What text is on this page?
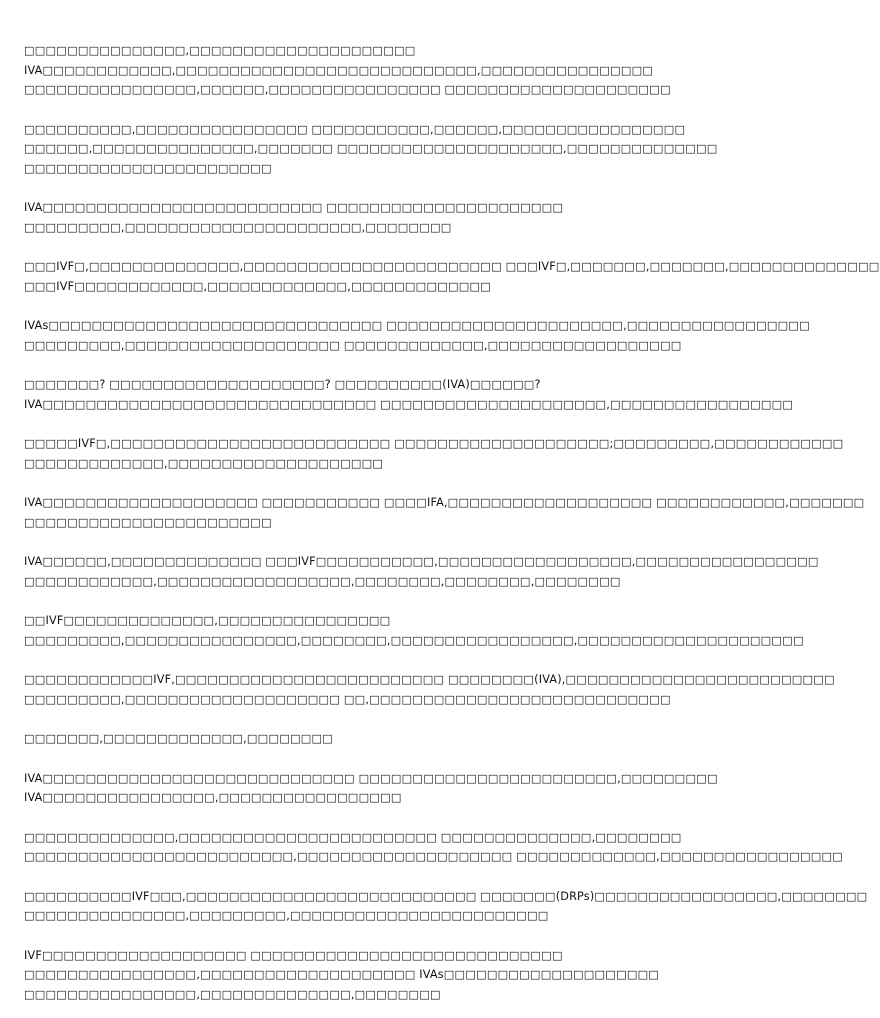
□□□□□□□□□□□□□□□,□□□□□□□□□□□□□□□□□□□□□
IVA□□□□□□□□□□□□,□□□□□□□□□□□□□□□□□□□□□□□□□□□□,□□□□□□□□□□□□□□□□
□□□□□□□□□□□□□□□□,□□□□□□,□□□□□□□□□□□□□□□□ □□□□□□□□□□□□□□□□□□□□□
□□□□□□□□□□,□□□□□□□□□□□□□□□□ □□□□□□□□□□□,□□□□□□,□□□□□□□□□□□□□□□□□
□□□□□□,□□□□□□□□□□□□□□□,□□□□□□□ □□□□□□□□□□□□□□□□□□□□□,□□□□□□□□□□□□□□
□□□□□□□□□□□□□□□□□□□□□□□
IVA□□□□□□□□□□□□□□□□□□□□□□□□□□ □□□□□□□□□□□□□□□□□□□□□□
□□□□□□□□□,□□□□□□□□□□□□□□□□□□□□□□,□□□□□□□□
□□□IVF□,□□□□□□□□□□□□□□,□□□□□□□□□□□□□□□□□□□□□□□□ □□□IVF□,□□□□□□□,□□□□□□□,□□□□□□□□□□□□□□
□□□IVF□□□□□□□□□□□□,□□□□□□□□□□□□□,□□□□□□□□□□□□□
IVAs□□□□□□□□□□□□□□□□□□□□□□□□□□□□□□□ □□□□□□□□□□□□□□□□□□□□□□,□□□□□□□□□□□□□□□□□
□□□□□□□□□,□□□□□□□□□□□□□□□□□□□□ □□□□□□□□□□□□□,□□□□□□□□□□□□□□□□□□
□□□□□□□? □□□□□□□□□□□□□□□□□□□□? □□□□□□□□□□(IVA)□□□□□□?
IVA□□□□□□□□□□□□□□□□□□□□□□□□□□□□□□□ □□□□□□□□□□□□□□□□□□□□□,□□□□□□□□□□□□□□□□□
□□□□□IVF□,□□□□□□□□□□□□□□□□□□□□□□□□□□ □□□□□□□□□□□□□□□□□□□□;□□□□□□□□□,□□□□□□□□□□□□
□□□□□□□□□□□□□,□□□□□□□□□□□□□□□□□□□□
IVA□□□□□□□□□□□□□□□□□□□□ □□□□□□□□□□□ □□□□IFA,□□□□□□□□□□□□□□□□□□□ □□□□□□□□□□□□,□□□□□□□
□□□□□□□□□□□□□□□□□□□□□□□
IVA□□□□□□,□□□□□□□□□□□□□□ □□□IVF□□□□□□□□□□□,□□□□□□□□□□□□□□□□□□,□□□□□□□□□□□□□□□□□
□□□□□□□□□□□□,□□□□□□□□□□□□□□□□□□,□□□□□□□□,□□□□□□□□,□□□□□□□□
□□IVF□□□□□□□□□□□□□□,□□□□□□□□□□□□□□□□
□□□□□□□□□,□□□□□□□□□□□□□□□□,□□□□□□□□,□□□□□□□□□□□□□□□□□,□□□□□□□□□□□□□□□□□□□□□
□□□□□□□□□□□□IVF,□□□□□□□□□□□□□□□□□□□□□□□□□ □□□□□□□□(IVA),□□□□□□□□□□□□□□□□□□□□□□□□□
□□□□□□□□□,□□□□□□□□□□□□□□□□□□□□ □□,□□□□□□□□□□□□□□□□□□□□□□□□□□□□
□□□□□□□,□□□□□□□□□□□□□,□□□□□□□□
IVA□□□□□□□□□□□□□□□□□□□□□□□□□□□□□ □□□□□□□□□□□□□□□□□□□□□□□□,□□□□□□□□□
IVA□□□□□□□□□□□□□□□□,□□□□□□□□□□□□□□□□□
□□□□□□□□□□□□□□,□□□□□□□□□□□□□□□□□□□□□□□□ □□□□□□□□□□□□□□,□□□□□□□□
□□□□□□□□□□□□□□□□□□□□□□□□□,□□□□□□□□□□□□□□□□□□□□ □□□□□□□□□□□□□,□□□□□□□□□□□□□□□□□
□□□□□□□□□□IVF□□□,□□□□□□□□□□□□□□□□□□□□□□□□□□□ □□□□□□□(DRPs)□□□□□□□□□□□□□□□□□,□□□□□□□□
□□□□□□□□□□□□□□□,□□□□□□□□□,□□□□□□□□□□□□□□□□□□□□□□□□
IVF□□□□□□□□□□□□□□□□□□□ □□□□□□□□□□□□□□□□□□□□□□□□□□□□□
□□□□□□□□□□□□□□□□,□□□□□□□□□□□□□□□□□□□□ IVAs□□□□□□□□□□□□□□□□□□□□
□□□□□□□□□□□□□□□□,□□□□□□□□□□□□□□,□□□□□□□□
